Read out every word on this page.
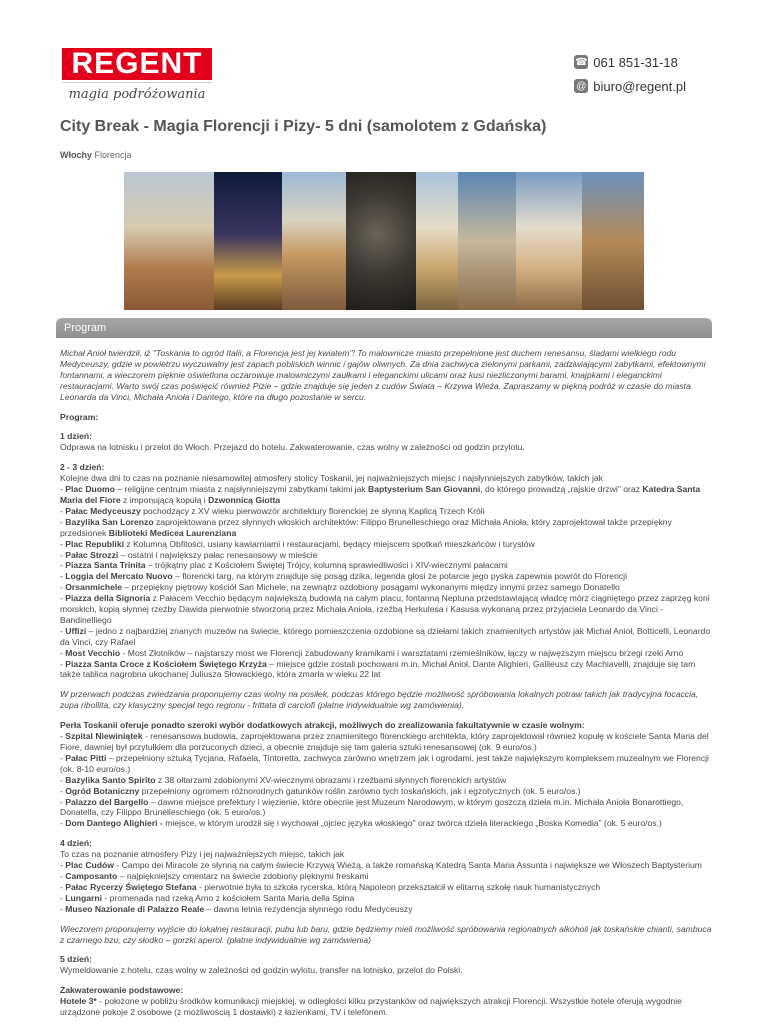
REGENT
magia podróżowania
☎ 061 851-31-18
@ biuro@regent.pl
City Break - Magia Florencji i Pizy- 5 dni (samolotem z Gdańska)
Włochy Florencja
Program

Michał Anioł twierdził, iż "Toskania to ogród Italii, a Florencja jest jej kwiatem"! To malownicze miasto przepełnione jest duchem renesansu, śladami wielkiego rodu Medyceuszy, gdzie w powietrzu wyczuwalny jest zapach pobliskich winnic i gajów oliwnych. Za dnia zachwyca zielonymi parkami, zadziwiającymi zabytkami, efektownymi fontannami, a wieczorem pięknie oświetlona oczarowuje malowniczymi zaułkami i eleganckimi ulicami oraz kusi niezliczonymi barami, knajpkami i eleganckimi restauracjami. Warto swój czas poświęcić również Pizie – gdzie znajduje się jeden z cudów Świata – Krzywa Wieża. Zapraszamy w piękną podróż w czasie do miasta Leonarda da Vinci, Michała Anioła i Dantego, które na długo pozostanie w sercu.

Program:

1 dzień:
Odprawa na lotnisku i przelot do Włoch. Przejazd do hotelu. Zakwaterowanie, czas wolny w zależności od godzin przylotu.

2 - 3 dzień:
Kolejne dwa dni to czas na poznanie niesamowitej atmosfery stolicy Toskanii, jej najważniejszych miejsc i najsłynniejszych zabytków, takich jak
- Plac Duomo – religijne centrum miasta z najsłynniejszymi zabytkami takimi jak Baptysterium San Giovanni, do którego prowadzą „rajskie drzwi" oraz Katedra Santa Maria del Fiore z imponującą kopułą i Dzwonnicą Giotta
- Pałac Medyceuszy pochodzący z XV wieku pierwowzór architektury florenckiej ze słynną Kaplicą Trzech Króli
- Bazylika San Lorenzo zaprojektowana przez słynnych włoskich architektów: Filippo Brunelleschiego oraz Michała Anioła, który zaprojektował także przepiękny przedsionek Biblioteki Medicea Laurenziana
- Plac Republiki z Kolumną Obfitości, usiany kawiarniami i restauracjami, będący miejscem spotkań mieszkańców i turystów
- Pałac Strozzi – ostatni i największy pałac renesansowy w mieście
- Piazza Santa Trinita – trójkątny plac z Kościołem Świętej Trójcy, kolumną sprawiedliwości i XIV-wiecznymi pałacami
- Loggia del Mercato Nuovo – florencki targ, na którym znajduje się posąg dzika, legenda głosi że potarcie jego pyska zapewnia powrót do Florencji
- Orsanmichele – przepiękny piętrowy kościół San Michele, na zewnątrz ozdobiony posągami wykonanymi między innymi przez samego Donatello
- Piazza della Signoria z Pałacem Vecchio będącym największą budowlą na całym placu, fontanną Neptuna przedstawiającą władcę mórz ciągniętego przez zaprzęg koni morskich, kopią słynnej rzeźby Dawida pierwotnie stworzoną przez Michała Anioła, rzeźbą Herkulesa i Kasusa wykonaną przez przyjaciela Leonardo da Vinci - Bandinelliego
- Uffizi – jedno z najbardziej znanych muzeów na świecie, którego pomieszczenia ozdobione są dziełami takich znamienitych artystów jak Michał Anioł, Botticelli, Leonardo da Vinci, czy Rafael
- Most Vecchio - Most Złotników – najstarszy most we Florencji zabudowany kramikami i warsztatami rzemieślników, łączy w najwęższym miejscu brzegi rzeki Arno
- Piazza Santa Croce z Kościołem Świętego Krzyża – miejsce gdzie zostali pochowani m.in. Michał Anioł, Dante Alighieri, Galileusz czy Machiavelli, znajduje się tam także tablica nagrobna ukochanej Juliusza Słowackiego, która zmarła w wieku 22 lat

W przerwach podczas zwiedzania proponujemy czas wolny na posiłek, podczas którego będzie możliwość spróbowania lokalnych potraw takich jak tradycyjna focaccia, zupa ribollita, czy klasyczny specjał tego regionu - frittata di carciofi (płatne indywidualnie wg zamówienia).

Perła Toskanii oferuje ponadto szeroki wybór dodatkowych atrakcji, możliwych do zrealizowania fakultatywnie w czasie wolnym:
- Szpital Niewiniątek - renesansowa budowla, zaprojektowana przez znamienitego florenckiego architekta, który zaprojektował również kopułę w kościele Santa Maria del Fiore, dawniej był przytułkiem dla porzuconych dzieci, a obecnie znajduje się tam galeria sztuki renesansowej (ok. 9 euro/os.)
- Pałac Pitti – przepełniony sztuką Tycjana, Rafaela, Tintoretta, zachwyca zarówno wnętrzem jak i ogrodami, jest także największym kompleksem muzealnym we Florencji (ok. 8-10 euro/os.)
- Bazylika Santo Spirito z 38 ołtarzami zdobionymi XV-wiecznymi obrazami i rzeźbami słynnych florenckich artystów
- Ogród Botaniczny przepełniony ogromem różnorodnych gatunków roślin zarówno tych toskańskich, jak i egzotycznych (ok. 5 euro/os.)
- Palazzo del Bargello – dawne miejsce prefektury i więzienie, które obecnie jest Muzeum Narodowym, w którym goszczą dzieła m.in. Michała Anioła Bonarottiego, Donatella, czy Filippo Brunelleschiego (ok. 5 euro/os.)
- Dom Dantego Alighieri - miejsce, w którym urodził się i wychował „ojciec języka włoskiego" oraz twórca dzieła literackiego „Boska Komedia" (ok. 5 euro/os.)

4 dzień:
To czas na poznanie atmosfery Pizy i jej najważniejszych miejsc, takich jak
- Plac Cudów - Campo dei Miracole ze słynną na całym świecie Krzywą Wieżą, a także romańską Katedrą Santa Maria Assunta i największe we Włoszech Baptysterium
- Camposanto – najpiękniejszy cmentarz na świecie zdobiony pięknymi freskami
- Pałac Rycerzy Świętego Stefana - pierwotnie była to szkoła rycerska, którą Napoleon przekształcił w elitarną szkołę nauk humanistycznych
- Lungarni - promenada nad rzeką Arno z kościołem Santa Maria della Spina
- Museo Nazionale di Palazzo Reale – dawna letnia rezydencja słynnego rodu Medyceuszy

Wieczorem proponujemy wyjście do lokalnej restauracji, pubu lub baru, gdzie będziemy mieli możliwość spróbowania regionalnych alkoholi jak toskańskie chianti, sambuca z czarnego bzu, czy słodko – gorzki aperol. (płatne indywidualnie wg zamówienia)

5 dzień:
Wymeldowanie z hotelu, czas wolny w zależności od godzin wylotu, transfer na lotnisko, przelot do Polski.

Zakwaterowanie podstawowe:
Hotele 3* - położone w pobliżu środków komunikacji miejskiej, w odległości kilku przystanków od największych atrakcji Florencji. Wszystkie hotele oferują wygodnie urządzone pokoje 2 osobowe (z możliwością 1 dostawki) z łazienkami, TV i telefonem.
